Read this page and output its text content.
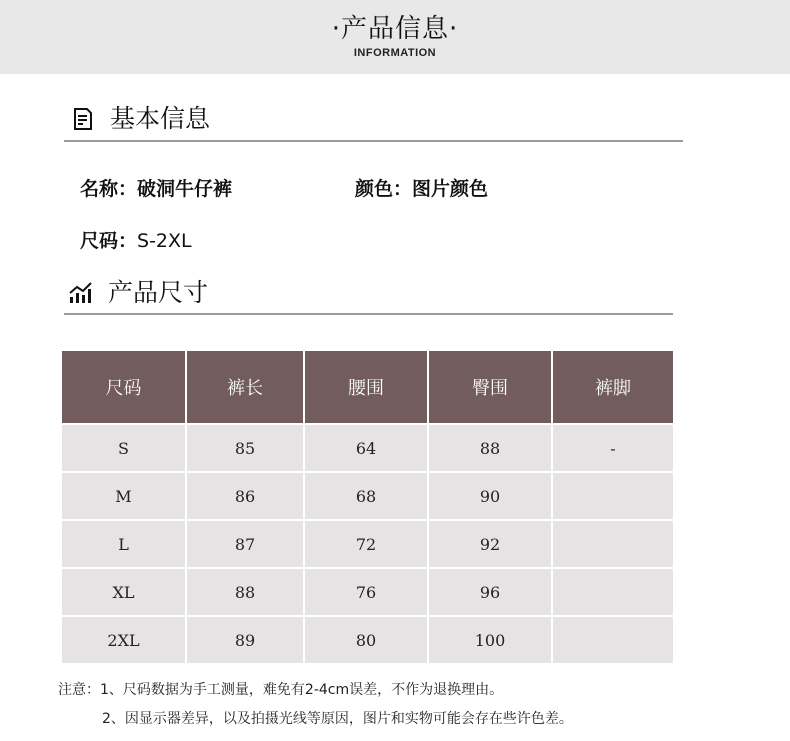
·产品信息·
INFORMATION
基本信息
名称：破洞牛仔裤	颜色：图片颜色
尺码：S-2XL
产品尺寸
尺码	裤长	腰围	臀围	裤脚
S	85	64	88	-
M	86	68	90	
L	87	72	92	
XL	88	76	96	
2XL	89	80	100	
注意：1、尺码数据为手工测量，难免有2-4cm误差，不作为退换理由。
2、因显示器差异，以及拍摄光线等原因，图片和实物可能会存在些许色差。
